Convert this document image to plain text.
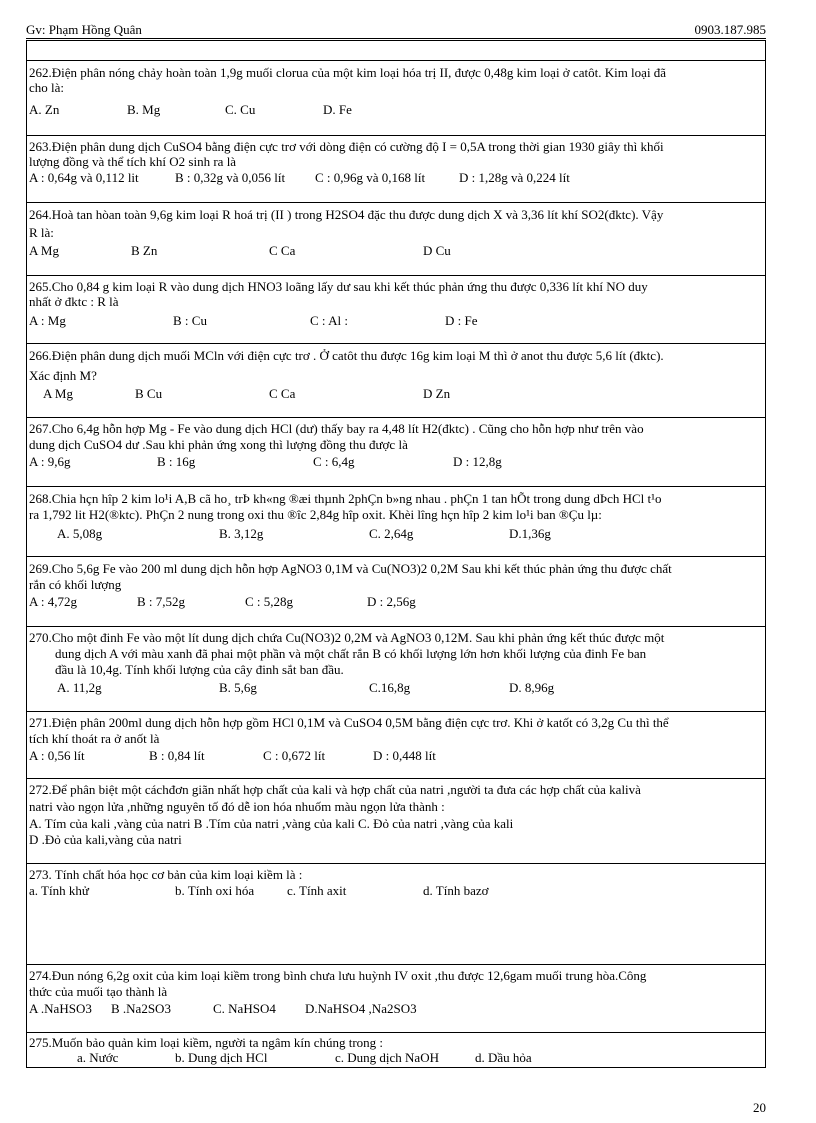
Gv: Phạm Hồng Quân	0903.187.985
262.Điện phân nóng chảy hoàn toàn 1,9g muối clorua của một kim loại hóa trị II, được 0,48g kim loại ở catôt. Kim loại đã
cho là:
A. Zn	B. Mg	C. Cu	D. Fe
263.Điện phân dung dịch CuSO4 bằng điện cực trơ với dòng điện có cường độ I = 0,5A trong thời gian 1930 giây thì khối
lượng đồng và thể tích khí O2 sinh ra là
A : 0,64g và 0,112 lit	B : 0,32g và 0,056 lít C : 0,96g và 0,168 lít	D : 1,28g và 0,224 lít
264.Hoà tan hòan toàn 9,6g kim loại R hoá trị (II ) trong H2SO4 đặc thu được dung dịch X và 3,36 lít khí SO2(đktc). Vậy
R là:
A Mg	B Zn	C Ca	D Cu
265.Cho 0,84 g kim loại R vào dung dịch HNO3 loãng lấy dư sau khi kết thúc phản ứng thu được 0,336 lít khí NO duy
nhất ở đktc : R là
A : Mg	B : Cu	C : Al :	D : Fe
266.Điện phân dung dịch muối MCln với điện cực trơ . Ở catôt thu được 16g kim loại M thì ở anot thu được 5,6 lít (đktc).
Xác định M?
A Mg	B Cu	C Ca	D Zn
267.Cho 6,4g hỗn hợp Mg - Fe vào dung dịch HCl (dư) thấy bay ra 4,48 lít H2(đktc) . Cũng cho hỗn hợp như trên vào
dung dịch CuSO4 dư .Sau khi phản ứng xong thì lượng đồng thu được là
A : 9,6g	B : 16g	C : 6,4g	D : 12,8g
268.Chia hçn hîp 2 kim lo¹i A,B cã ho¸ trÞ kh«ng ®æi thµnh 2phÇn b»ng nhau . phÇn 1 tan hÕt trong dung dÞch HCl t¹o
ra 1,792 lit H2(®ktc). PhÇn 2 nung trong oxi thu ®îc 2,84g hîp oxit. Khèi lîng hçn hîp 2 kim lo¹i ban ®Çu lµ:
A. 5,08g	B. 3,12g	C. 2,64g	D.1,36g
269.Cho 5,6g Fe vào 200 ml dung dịch hỗn hợp AgNO3 0,1M và Cu(NO3)2 0,2M Sau khi kết thúc phản ứng thu được chất
rắn có khối lượng
A : 4,72g	B : 7,52g	C : 5,28g	D : 2,56g
270.Cho một đinh Fe vào một lít dung dịch chứa Cu(NO3)2 0,2M và AgNO3 0,12M. Sau khi phản ứng kết thúc được một
dung dịch A với màu xanh đã phai một phần và một chất rắn B có khối lượng lớn hơn khối lượng của đinh Fe ban
đầu là 10,4g. Tính khối lượng của cây đinh sắt ban đầu.
A. 11,2g	B. 5,6g	C.16,8g	D. 8,96g
271.Điện phân 200ml dung dịch hỗn hợp gồm HCl 0,1M và CuSO4 0,5M bằng điện cực trơ. Khi ở katốt có 3,2g Cu thì thể
tích khí thoát ra ở anốt là
A : 0,56 lít	B : 0,84 lít	C : 0,672 lít	D : 0,448 lít
272.Để phân biệt một cáchđơn giãn nhất hợp chất của kali và hợp chất của natri ,người ta đưa các hợp chất của kalivà
natri vào ngọn lửa ,những nguyên tố đó dễ ion hóa nhuốm màu ngọn lửa thành :
A. Tím của kali ,vàng của natri B .Tím của natri ,vàng của kali C. Đỏ của natri ,vàng của kali
D .Đỏ của kali,vàng của natri
273. Tính chất hóa học cơ bản của kim loại kiềm là :
a. Tính khử	b. Tính oxi hóa	c. Tính axit	d. Tính bazơ
274.Đun nóng 6,2g oxit của kim loại kiềm trong bình chưa lưu huỳnh IV oxit ,thu được 12,6gam muối trung hòa.Công
thức của muối tạo thành là
A .NaHSO3 B .Na2SO3	C. NaHSO4 D.NaHSO4 ,Na2SO3
275.Muốn bảo quản kim loại kiềm, người ta ngâm kín chúng trong :
a. Nước	b. Dung dịch HCl	c. Dung dịch NaOH	d. Dầu hỏa
20
